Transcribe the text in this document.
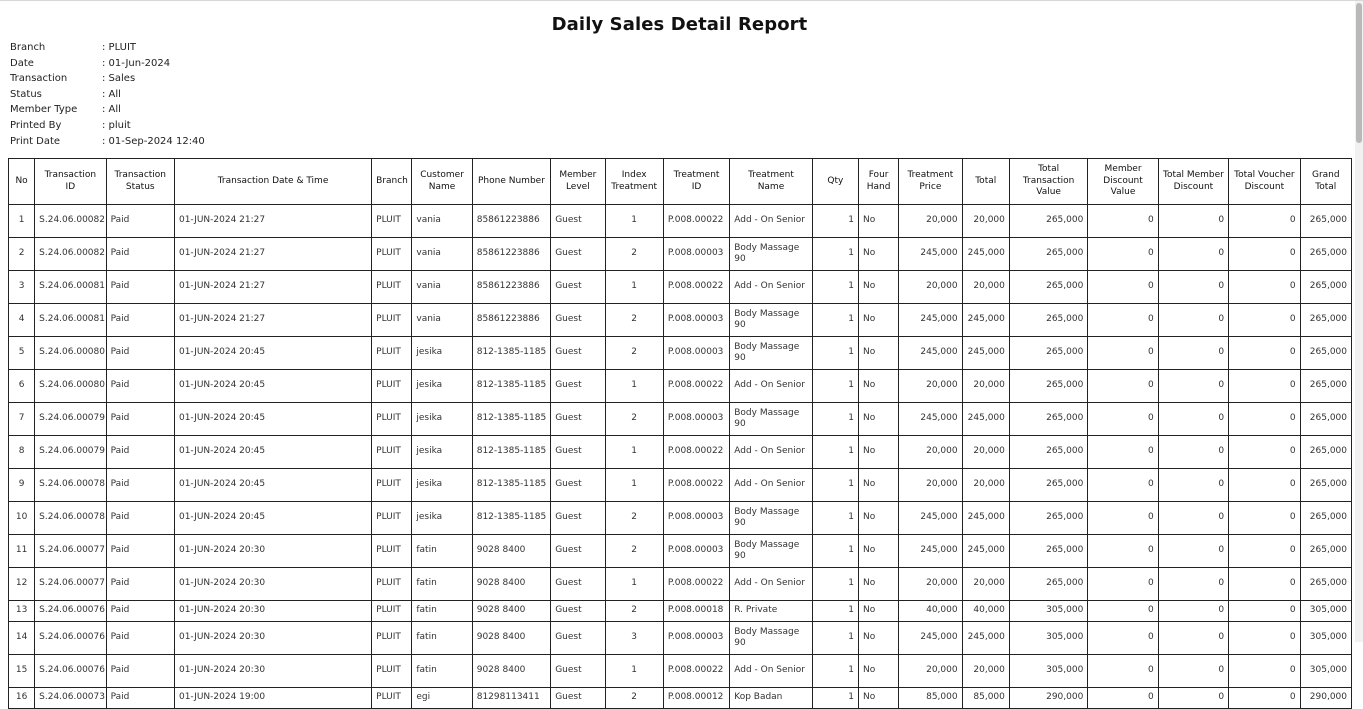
Daily Sales Detail Report
Branch	: PLUIT
Date	: 01-Jun-2024
Transaction	: Sales
Status	: All
Member Type : All
Printed By	: pluit
Print Date	: 01-Sep-2024 12:40
No	Transaction ID	Transaction Status	Transaction Date & Time	Branch	Customer Name	Phone Number	Member Level	Index Treatment	Treatment ID	Treatment Name	Qty	Four Hand	Treatment Price	Total	Total Transaction Value	Member Discount Value	Total Member Discount	Total Voucher Discount	Grand Total
1	S.24.06.00082	Paid	01-JUN-2024 21:27	PLUIT	vania	85861223886	Guest	1	P.008.00022	Add - On Senior	1	No	20,000	20,000	265,000	0	0	0	265,000
2	S.24.06.00082	Paid	01-JUN-2024 21:27	PLUIT	vania	85861223886	Guest	2	P.008.00003	Body Massage 90	1	No	245,000	245,000	265,000	0	0	0	265,000
3	S.24.06.00081	Paid	01-JUN-2024 21:27	PLUIT	vania	85861223886	Guest	1	P.008.00022	Add - On Senior	1	No	20,000	20,000	265,000	0	0	0	265,000
4	S.24.06.00081	Paid	01-JUN-2024 21:27	PLUIT	vania	85861223886	Guest	2	P.008.00003	Body Massage 90	1	No	245,000	245,000	265,000	0	0	0	265,000
5	S.24.06.00080	Paid	01-JUN-2024 20:45	PLUIT	jesika	812-1385-1185	Guest	2	P.008.00003	Body Massage 90	1	No	245,000	245,000	265,000	0	0	0	265,000
6	S.24.06.00080	Paid	01-JUN-2024 20:45	PLUIT	jesika	812-1385-1185	Guest	1	P.008.00022	Add - On Senior	1	No	20,000	20,000	265,000	0	0	0	265,000
7	S.24.06.00079	Paid	01-JUN-2024 20:45	PLUIT	jesika	812-1385-1185	Guest	2	P.008.00003	Body Massage 90	1	No	245,000	245,000	265,000	0	0	0	265,000
8	S.24.06.00079	Paid	01-JUN-2024 20:45	PLUIT	jesika	812-1385-1185	Guest	1	P.008.00022	Add - On Senior	1	No	20,000	20,000	265,000	0	0	0	265,000
9	S.24.06.00078	Paid	01-JUN-2024 20:45	PLUIT	jesika	812-1385-1185	Guest	1	P.008.00022	Add - On Senior	1	No	20,000	20,000	265,000	0	0	0	265,000
10	S.24.06.00078	Paid	01-JUN-2024 20:45	PLUIT	jesika	812-1385-1185	Guest	2	P.008.00003	Body Massage 90	1	No	245,000	245,000	265,000	0	0	0	265,000
11	S.24.06.00077	Paid	01-JUN-2024 20:30	PLUIT	fatin	9028 8400	Guest	2	P.008.00003	Body Massage 90	1	No	245,000	245,000	265,000	0	0	0	265,000
12	S.24.06.00077	Paid	01-JUN-2024 20:30	PLUIT	fatin	9028 8400	Guest	1	P.008.00022	Add - On Senior	1	No	20,000	20,000	265,000	0	0	0	265,000
13	S.24.06.00076	Paid	01-JUN-2024 20:30	PLUIT	fatin	9028 8400	Guest	2	P.008.00018	R. Private	1	No	40,000	40,000	305,000	0	0	0	305,000
14	S.24.06.00076	Paid	01-JUN-2024 20:30	PLUIT	fatin	9028 8400	Guest	3	P.008.00003	Body Massage 90	1	No	245,000	245,000	305,000	0	0	0	305,000
15	S.24.06.00076	Paid	01-JUN-2024 20:30	PLUIT	fatin	9028 8400	Guest	1	P.008.00022	Add - On Senior	1	No	20,000	20,000	305,000	0	0	0	305,000
16	S.24.06.00073	Paid	01-JUN-2024 19:00	PLUIT	egi	81298113411	Guest	2	P.008.00012	Kop Badan	1	No	85,000	85,000	290,000	0	0	0	290,000
